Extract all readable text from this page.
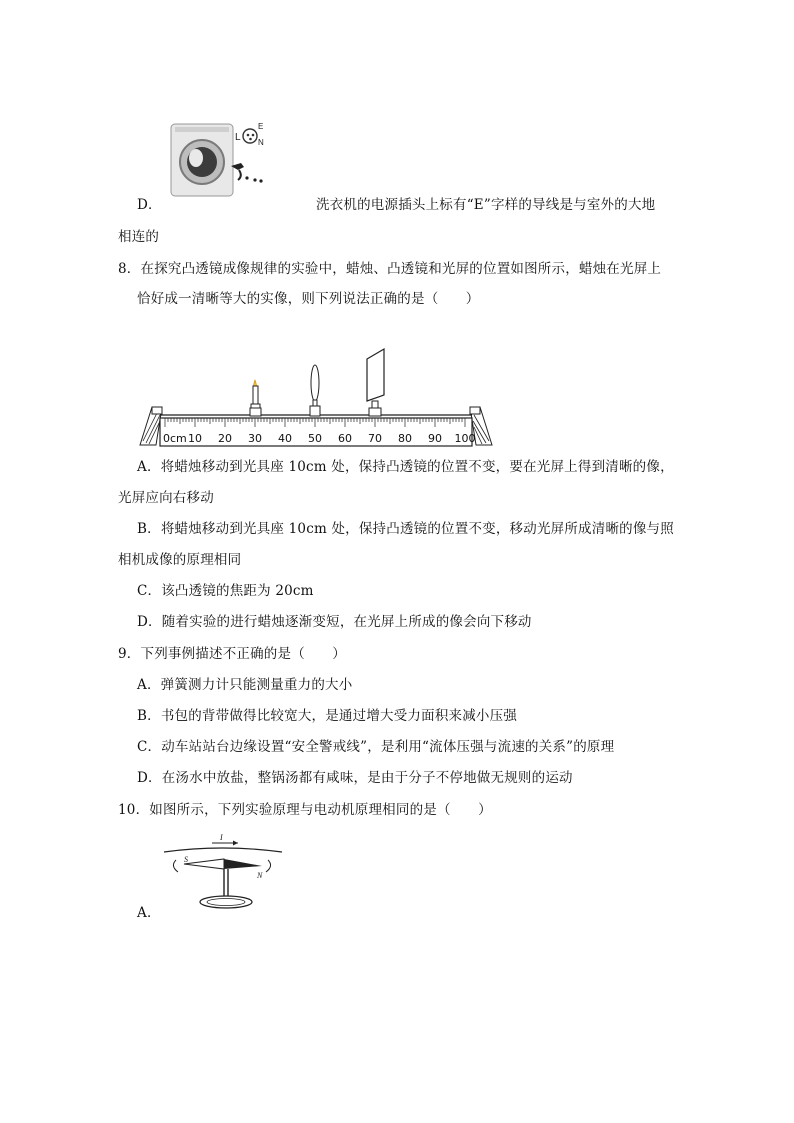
L
E
N
D．	洗衣机的电源插头上标有“E”字样的导线是与室外的大地
相连的
8．在探究凸透镜成像规律的实验中，蜡烛、凸透镜和光屏的位置如图所示，蜡烛在光屏上
恰好成一清晰等大的实像，则下列说法正确的是（　　）
0cm 10 20 30 40 50 60 70 80 90 100
A．将蜡烛移动到光具座 10cm 处，保持凸透镜的位置不变，要在光屏上得到清晰的像，
光屏应向右移动
B．将蜡烛移动到光具座 10cm 处，保持凸透镜的位置不变，移动光屏所成清晰的像与照
相机成像的原理相同
C．该凸透镜的焦距为 20cm
D．随着实验的进行蜡烛逐渐变短，在光屏上所成的像会向下移动
9．下列事例描述不正确的是（　　）
A．弹簧测力计只能测量重力的大小
B．书包的背带做得比较宽大，是通过增大受力面积来减小压强
C．动车站站台边缘设置“安全警戒线”，是利用“流体压强与流速的关系”的原理
D．在汤水中放盐，整锅汤都有咸味，是由于分子不停地做无规则的运动
10．如图所示，下列实验原理与电动机原理相同的是（　　）
I
S
N
A．
